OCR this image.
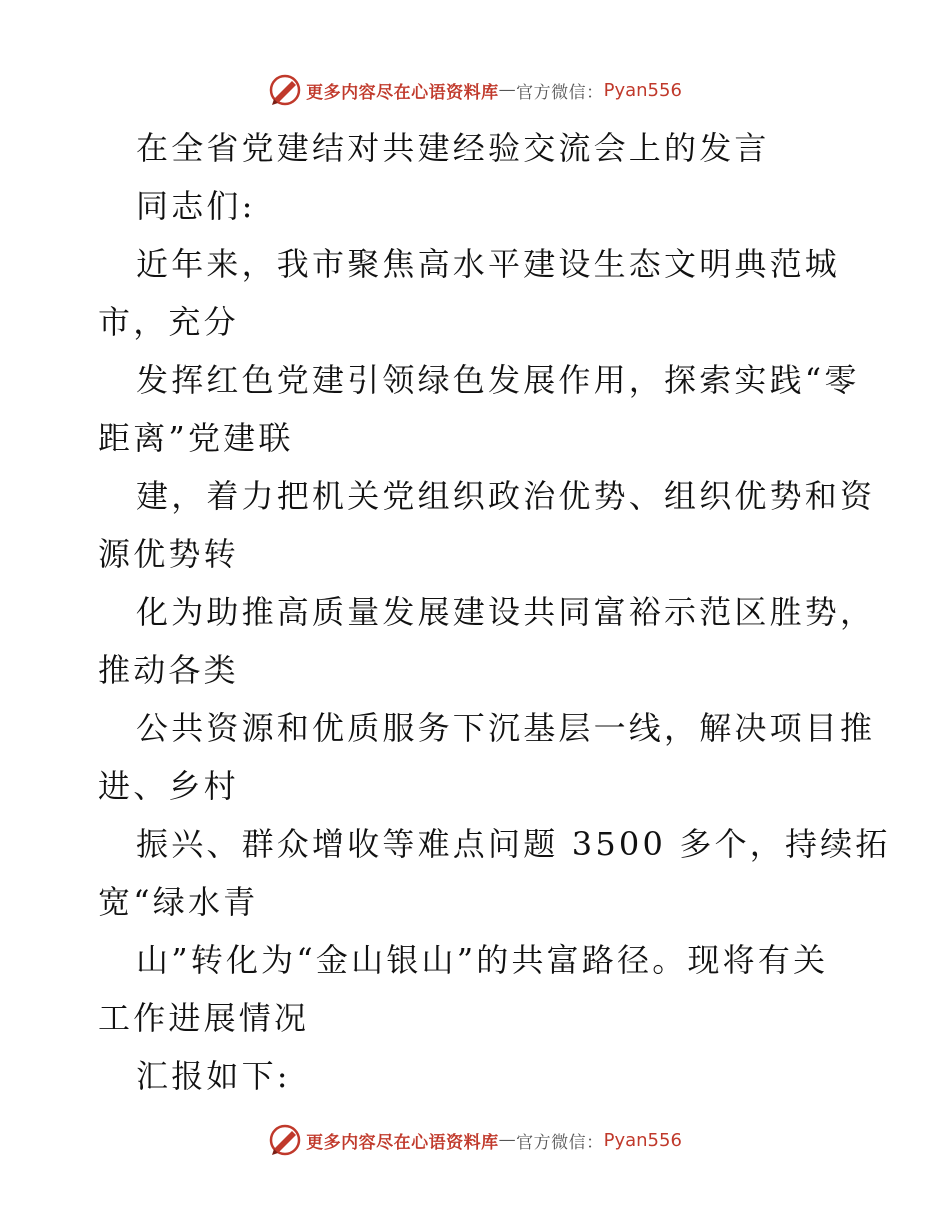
更多内容尽在心语资料库 — 官方微信： Pyan556
在全省党建结对共建经验交流会上的发言
同志们:
近年来，我市聚焦高水平建设生态文明典范城
市，充分
发挥红色党建引领绿色发展作用，探索实践“零
距离”党建联
建，着力把机关党组织政治优势、组织优势和资
源优势转
化为助推高质量发展建设共同富裕示范区胜势，
推动各类
公共资源和优质服务下沉基层一线，解决项目推
进、乡村
振兴、群众增收等难点问题 3500 多个，持续拓
宽“绿水青
山”转化为“金山银山”的共富路径。现将有关
工作进展情况
汇报如下:
更多内容尽在心语资料库 — 官方微信： Pyan556
